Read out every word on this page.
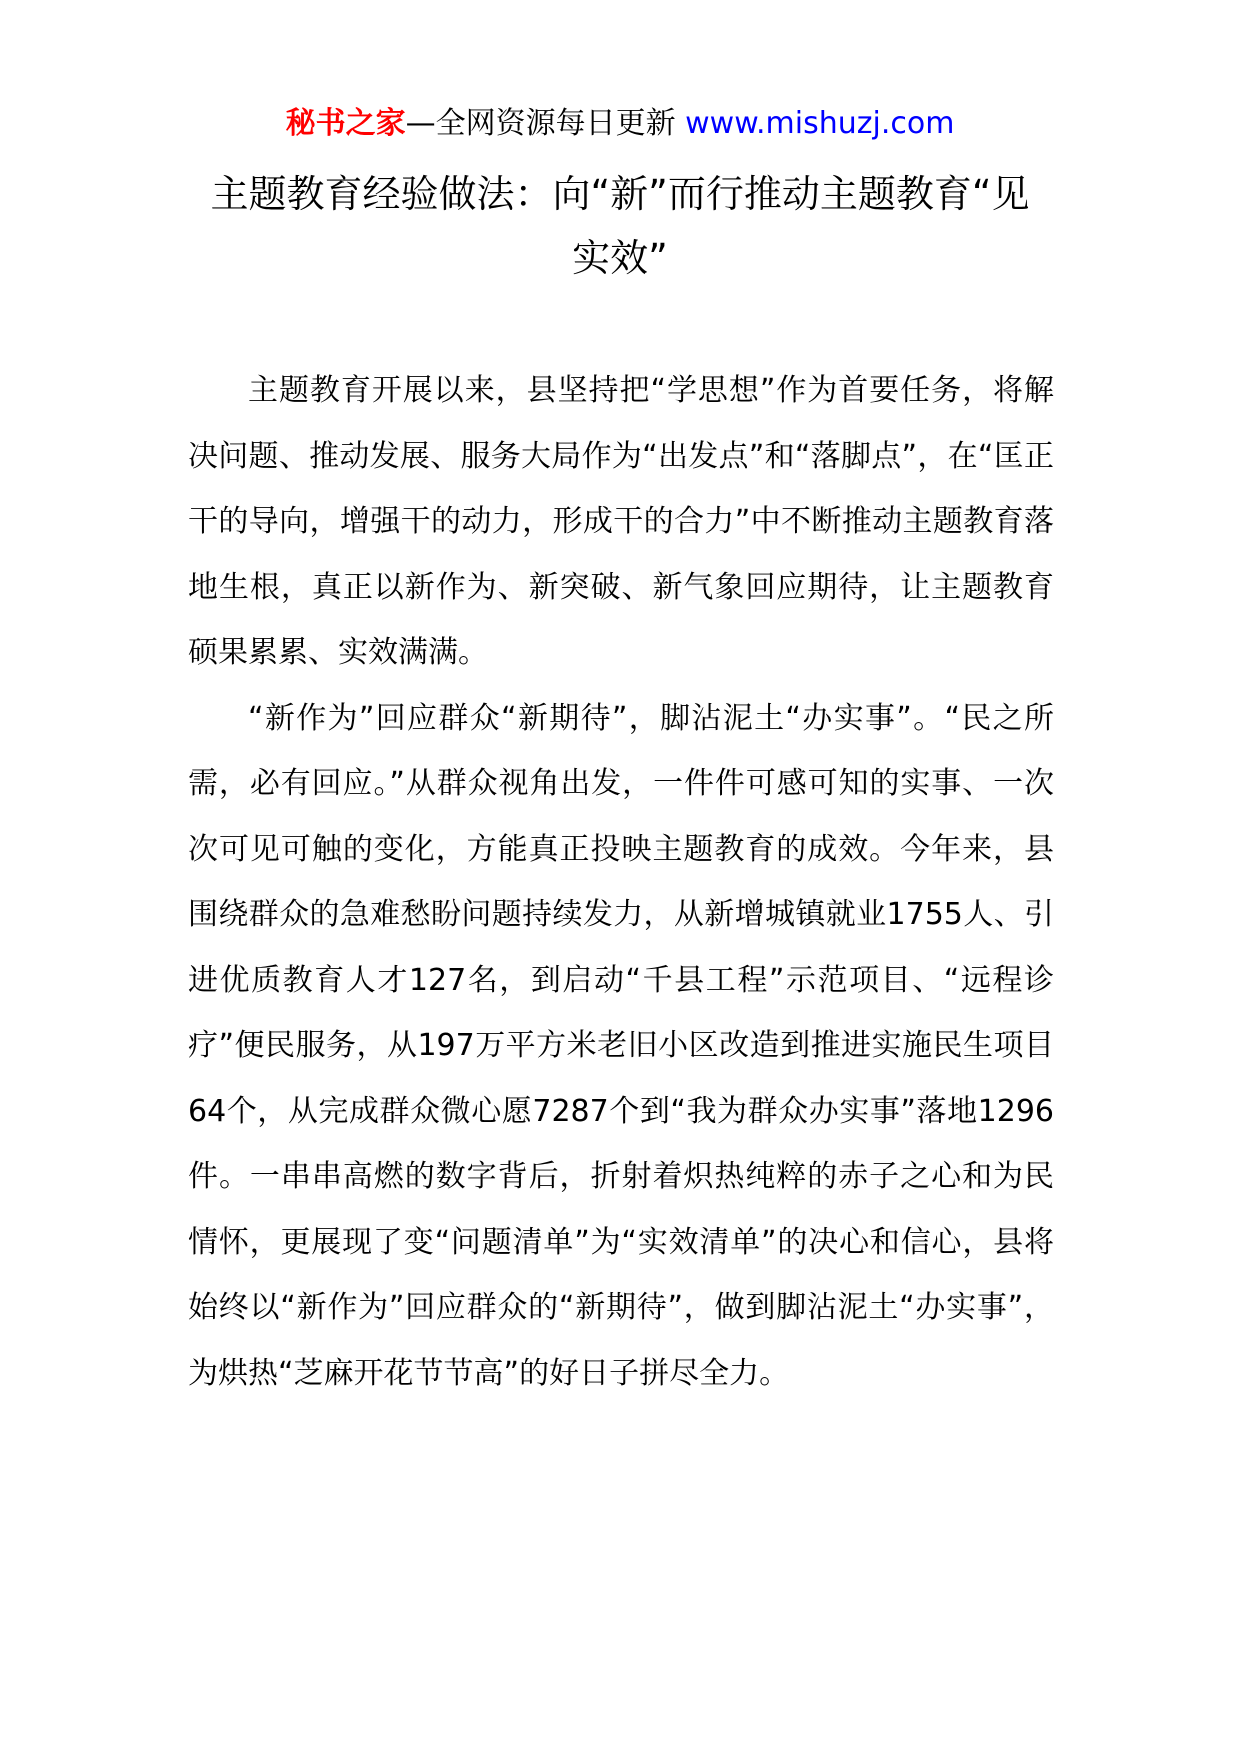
秘书之家—全网资源每日更新 www.mishuzj.com
主题教育经验做法：向“新”而行推动主题教育“见实效”

主题教育开展以来，县坚持把“学思想”作为首要任务，将解决问题、推动发展、服务大局作为“出发点”和“落脚点”，在“匡正干的导向，增强干的动力，形成干的合力”中不断推动主题教育落地生根，真正以新作为、新突破、新气象回应期待，让主题教育硕果累累、实效满满。

“新作为”回应群众“新期待”，脚沾泥土“办实事”。“民之所需，必有回应。”从群众视角出发，一件件可感可知的实事、一次次可见可触的变化，方能真正投映主题教育的成效。今年来，县围绕群众的急难愁盼问题持续发力，从新增城镇就业1755人、引进优质教育人才127名，到启动“千县工程”示范项目、“远程诊疗”便民服务，从197万平方米老旧小区改造到推进实施民生项目64个，从完成群众微心愿7287个到“我为群众办实事”落地1296件。一串串高燃的数字背后，折射着炽热纯粹的赤子之心和为民情怀，更展现了变“问题清单”为“实效清单”的决心和信心，县将始终以“新作为”回应群众的“新期待”，做到脚沾泥土“办实事”，为烘热“芝麻开花节节高”的好日子拼尽全力。
